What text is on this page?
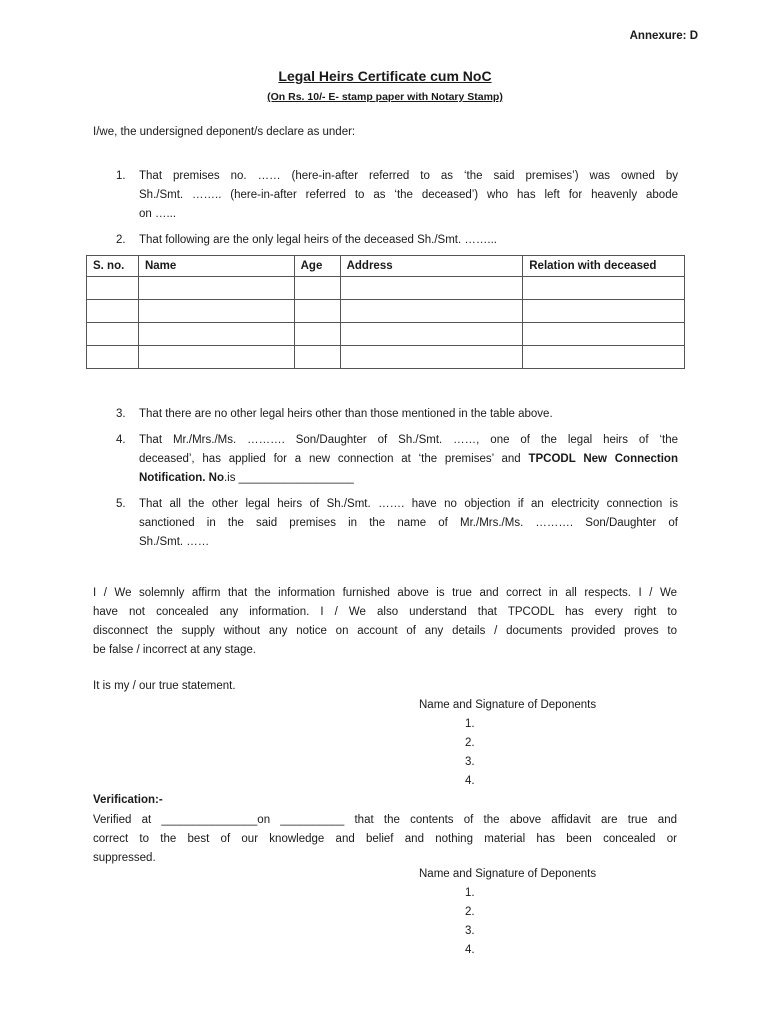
Annexure: D
Legal Heirs Certificate cum NoC
(On Rs. 10/- E- stamp paper with Notary Stamp)
I/we, the undersigned deponent/s declare as under:
1. That premises no. …… (here-in-after referred to as ‘the said premises’) was owned by
Sh./Smt. …….. (here-in-after referred to as ‘the deceased’) who has left for heavenly abode
on …...
2. That following are the only legal heirs of the deceased Sh./Smt. ……...
S. no.	Name	Age	Address	Relation with deceased

3. That there are no other legal heirs other than those mentioned in the table above.
4. That Mr./Mrs./Ms. ………. Son/Daughter of Sh./Smt. ……, one of the legal heirs of ‘the
deceased’, has applied for a new connection at ‘the premises’ and TPCODL New Connection
Notification. No.is __________________
5. That all the other legal heirs of Sh./Smt. ……. have no objection if an electricity connection is
sanctioned in the said premises in the name of Mr./Mrs./Ms. ………. Son/Daughter of
Sh./Smt. ……
I / We solemnly affirm that the information furnished above is true and correct in all respects. I / We
have not concealed any information. I / We also understand that TPCODL has every right to
disconnect the supply without any notice on account of any details / documents provided proves to
be false / incorrect at any stage.
It is my / our true statement.
Name and Signature of Deponents
1.
2.
3.
4.
Verification:-
Verified at _______________on __________ that the contents of the above affidavit are true and
correct to the best of our knowledge and belief and nothing material has been concealed or
suppressed.
Name and Signature of Deponents
1.
2.
3.
4.
